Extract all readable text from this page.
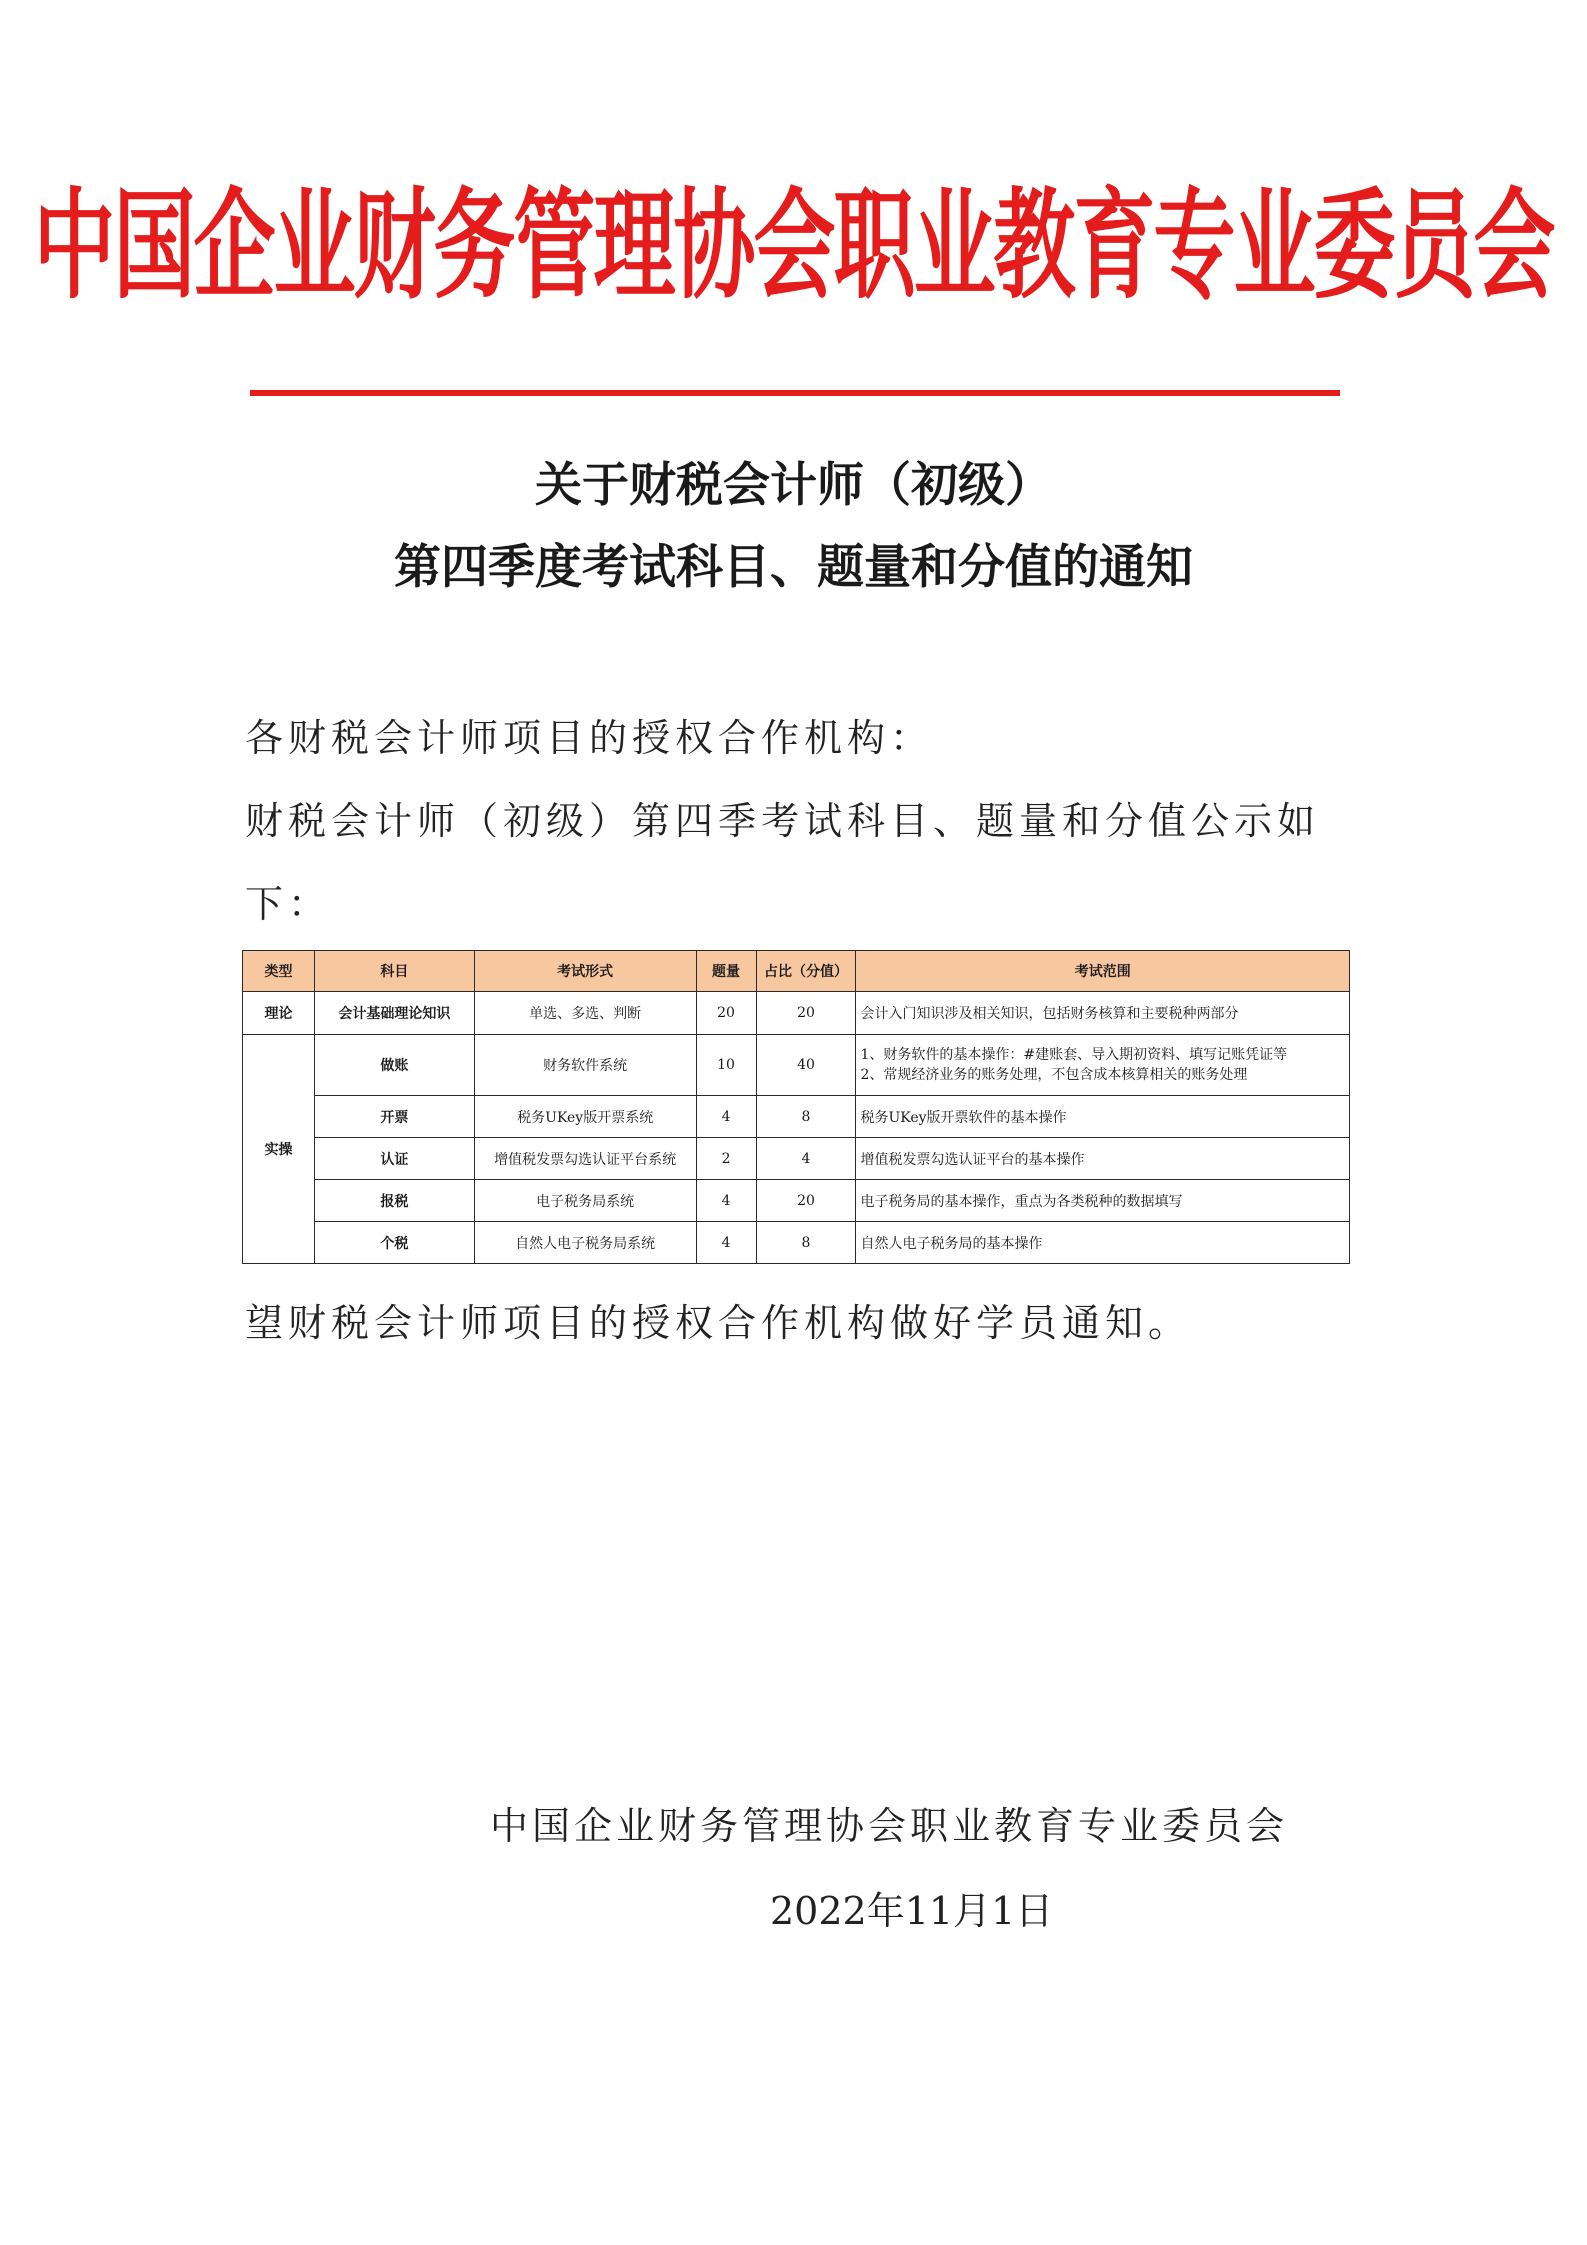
中国企业财务管理协会职业教育专业委员会
关于财税会计师（初级）
第四季度考试科目、题量和分值的通知
各财税会计师项目的授权合作机构：
财税会计师（初级）第四季考试科目、题量和分值公示如
下：
类型	科目	考试形式	题量	占比（分值）	考试范围
理论	会计基础理论知识	单选、多选、判断	20	20	会计入门知识涉及相关知识，包括财务核算和主要税种两部分
实操	做账	财务软件系统	10	40	1、财务软件的基本操作：#建账套、导入期初资料、填写记账凭证等
2、常规经济业务的账务处理，不包含成本核算相关的账务处理

	开票	税务UKey版开票系统	4	8	税务UKey版开票软件的基本操作
	认证	增值税发票勾选认证平台系统	2	4	增值税发票勾选认证平台的基本操作
	报税	电子税务局系统	4	20	电子税务局的基本操作，重点为各类税种的数据填写
	个税	自然人电子税务局系统	4	8	自然人电子税务局的基本操作
望财税会计师项目的授权合作机构做好学员通知。
中国企业财务管理协会职业教育专业委员会
2022年11月1日
